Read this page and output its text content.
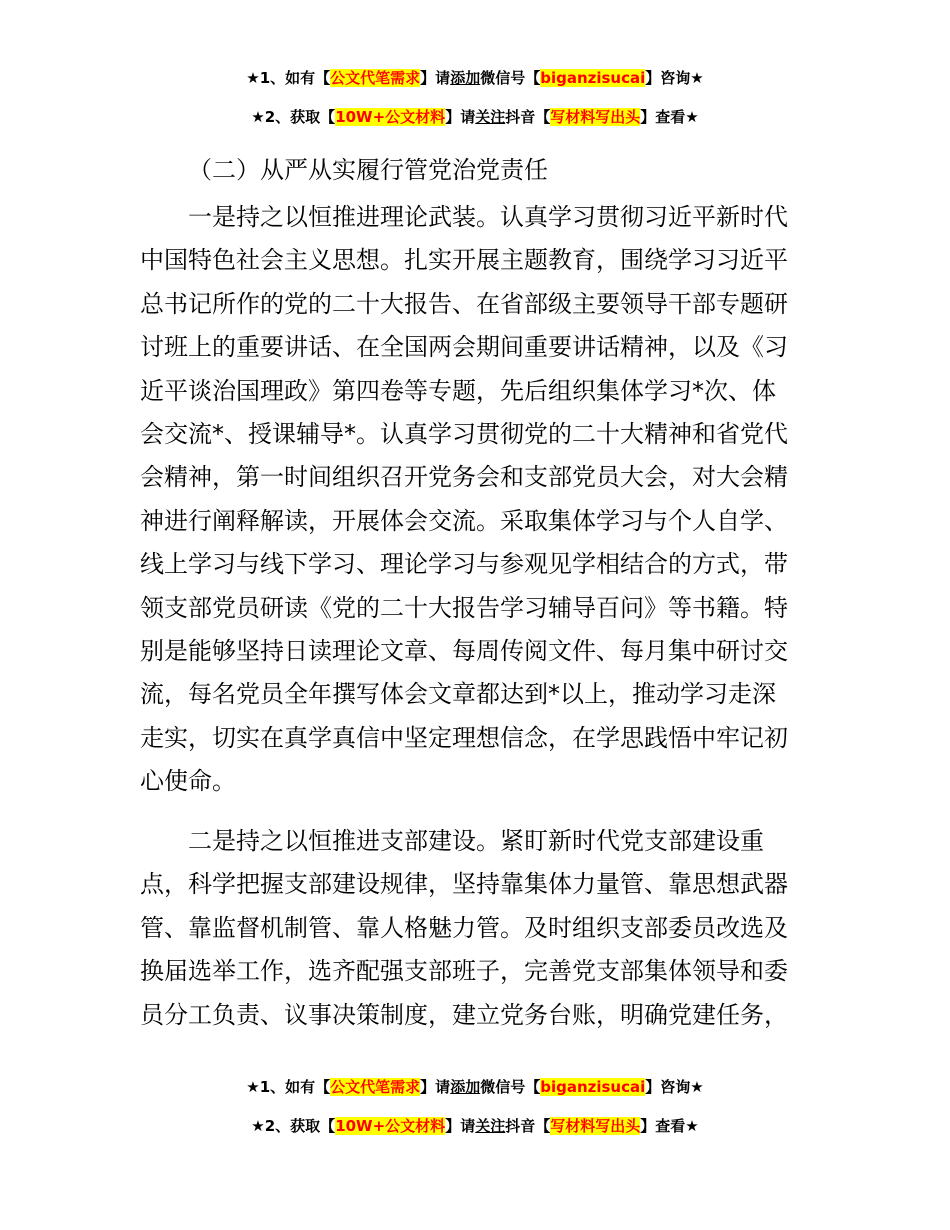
★1、如有【公文代笔需求】请添加微信号【biganzisucai】咨询★
★2、获取【10W+公文材料】请关注抖音【写材料写出头】查看★
（二）从严从实履行管党治党责任
一是持之以恒推进理论武装。认真学习贯彻习近平新时代
中国特色社会主义思想。扎实开展主题教育，围绕学习习近平
总书记所作的党的二十大报告、在省部级主要领导干部专题研
讨班上的重要讲话、在全国两会期间重要讲话精神，以及《习
近平谈治国理政》第四卷等专题，先后组织集体学习*次、体
会交流*、授课辅导*。认真学习贯彻党的二十大精神和省党代
会精神，第一时间组织召开党务会和支部党员大会，对大会精
神进行阐释解读，开展体会交流。采取集体学习与个人自学、
线上学习与线下学习、理论学习与参观见学相结合的方式，带
领支部党员研读《党的二十大报告学习辅导百问》等书籍。特
别是能够坚持日读理论文章、每周传阅文件、每月集中研讨交
流，每名党员全年撰写体会文章都达到*以上，推动学习走深
走实，切实在真学真信中坚定理想信念，在学思践悟中牢记初
心使命。
二是持之以恒推进支部建设。紧盯新时代党支部建设重
点，科学把握支部建设规律，坚持靠集体力量管、靠思想武器
管、靠监督机制管、靠人格魅力管。及时组织支部委员改选及
换届选举工作，选齐配强支部班子，完善党支部集体领导和委
员分工负责、议事决策制度，建立党务台账，明确党建任务，
★1、如有【公文代笔需求】请添加微信号【biganzisucai】咨询★
★2、获取【10W+公文材料】请关注抖音【写材料写出头】查看★
